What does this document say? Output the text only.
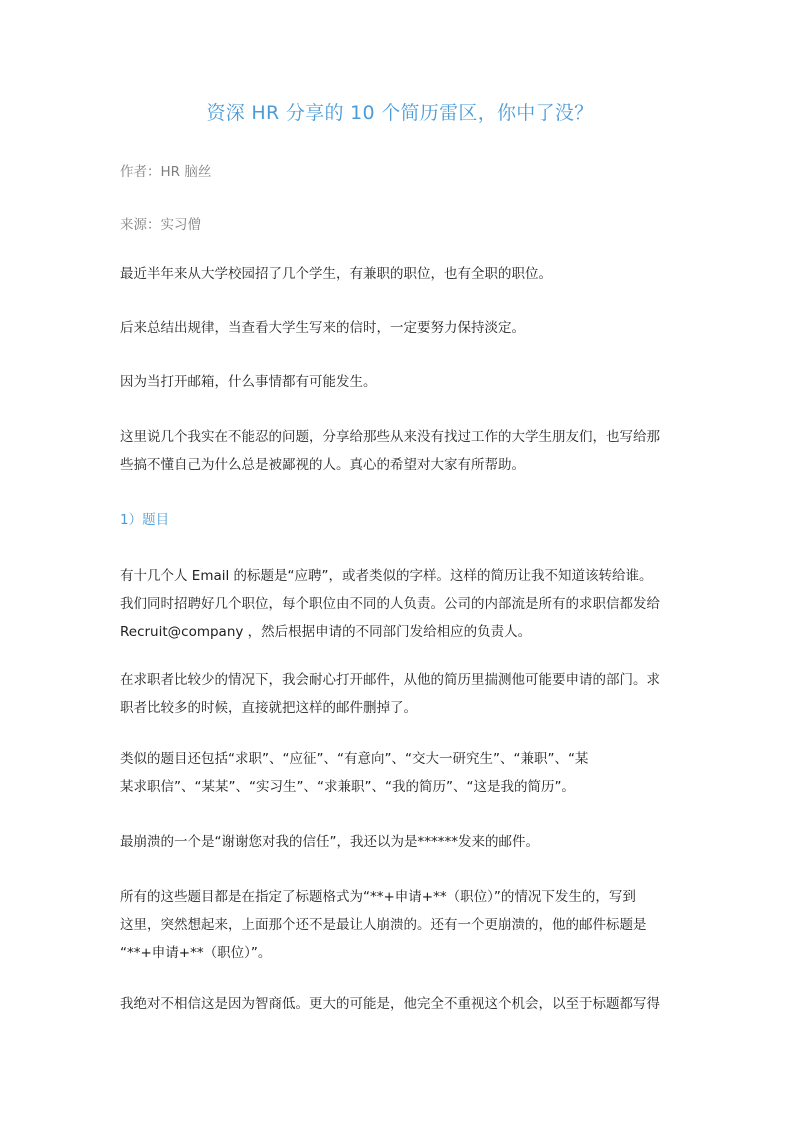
资深 HR 分享的 10 个简历雷区，你中了没？
作者：HR 脑丝
来源：实习僧
最近半年来从大学校园招了几个学生，有兼职的职位，也有全职的职位。
后来总结出规律，当查看大学生写来的信时，一定要努力保持淡定。
因为当打开邮箱，什么事情都有可能发生。
这里说几个我实在不能忍的问题，分享给那些从来没有找过工作的大学生朋友们，也写给那
些搞不懂自己为什么总是被鄙视的人。真心的希望对大家有所帮助。
1）题目
有十几个人 Email 的标题是“应聘”，或者类似的字样。这样的简历让我不知道该转给谁。
我们同时招聘好几个职位，每个职位由不同的人负责。公司的内部流是所有的求职信都发给
Recruit@company ，然后根据申请的不同部门发给相应的负责人。
在求职者比较少的情况下，我会耐心打开邮件，从他的简历里揣测他可能要申请的部门。求
职者比较多的时候，直接就把这样的邮件删掉了。
类似的题目还包括“求职”、“应征”、“有意向”、“交大一研究生”、“兼职”、“某
某求职信”、“某某”、“实习生”、“求兼职”、“我的简历”、“这是我的简历”。
最崩溃的一个是“谢谢您对我的信任”，我还以为是******发来的邮件。
所有的这些题目都是在指定了标题格式为“**+申请+**（职位）”的情况下发生的，写到
这里，突然想起来，上面那个还不是最让人崩溃的。还有一个更崩溃的，他的邮件标题是
“**+申请+**（职位）”。
我绝对不相信这是因为智商低。更大的可能是，他完全不重视这个机会，以至于标题都写得
